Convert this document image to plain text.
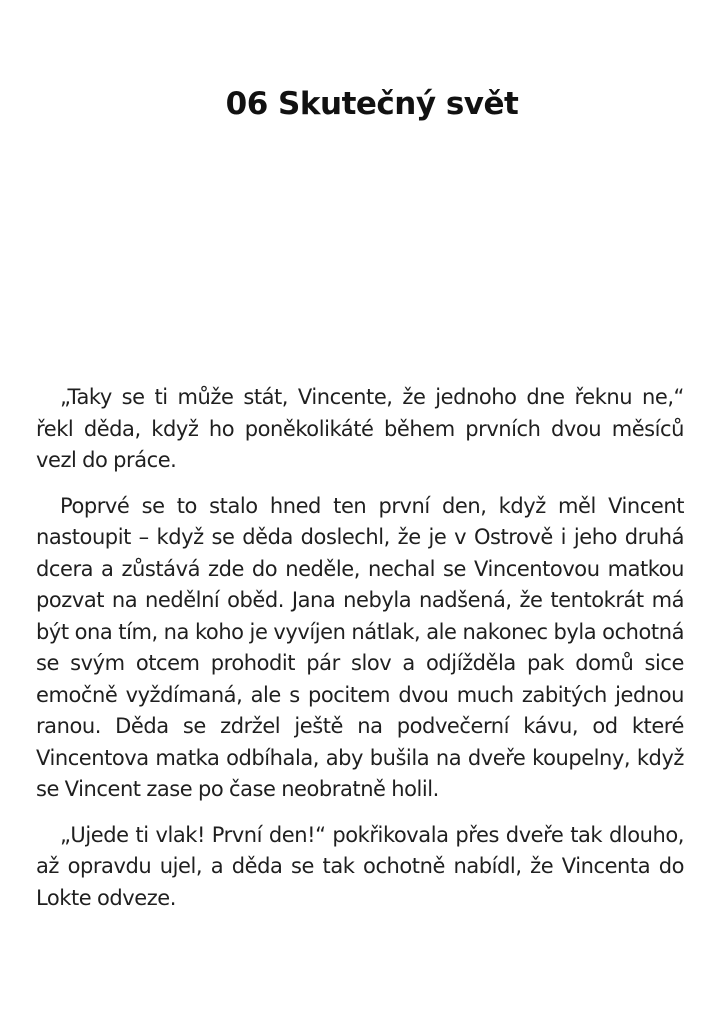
06 Skutečný svět

„Taky se ti může stát, Vincente, že jednoho dne řeknu ne,“ řekl děda, když ho poněkolikáté během prvních dvou měsíců vezl do práce.

Poprvé se to stalo hned ten první den, když měl Vincent nastoupit – když se děda doslechl, že je v Ostrově i jeho druhá dcera a zůstává zde do neděle, nechal se Vincentovou matkou pozvat na nedělní oběd. Jana nebyla nadšená, že tentokrát má být ona tím, na koho je vyvíjen nátlak, ale nakonec byla ochotná se svým otcem prohodit pár slov a odjížděla pak domů sice emočně vyždímaná, ale s pocitem dvou much zabitých jednou ranou. Děda se zdržel ještě na podvečerní kávu, od které Vincentova matka odbíhala, aby bušila na dveře koupelny, když se Vincent zase po čase neobratně holil.

„Ujede ti vlak! První den!“ pokřikovala přes dveře tak dlouho, až opravdu ujel, a děda se tak ochotně nabídl, že Vincenta do Lokte odveze.
